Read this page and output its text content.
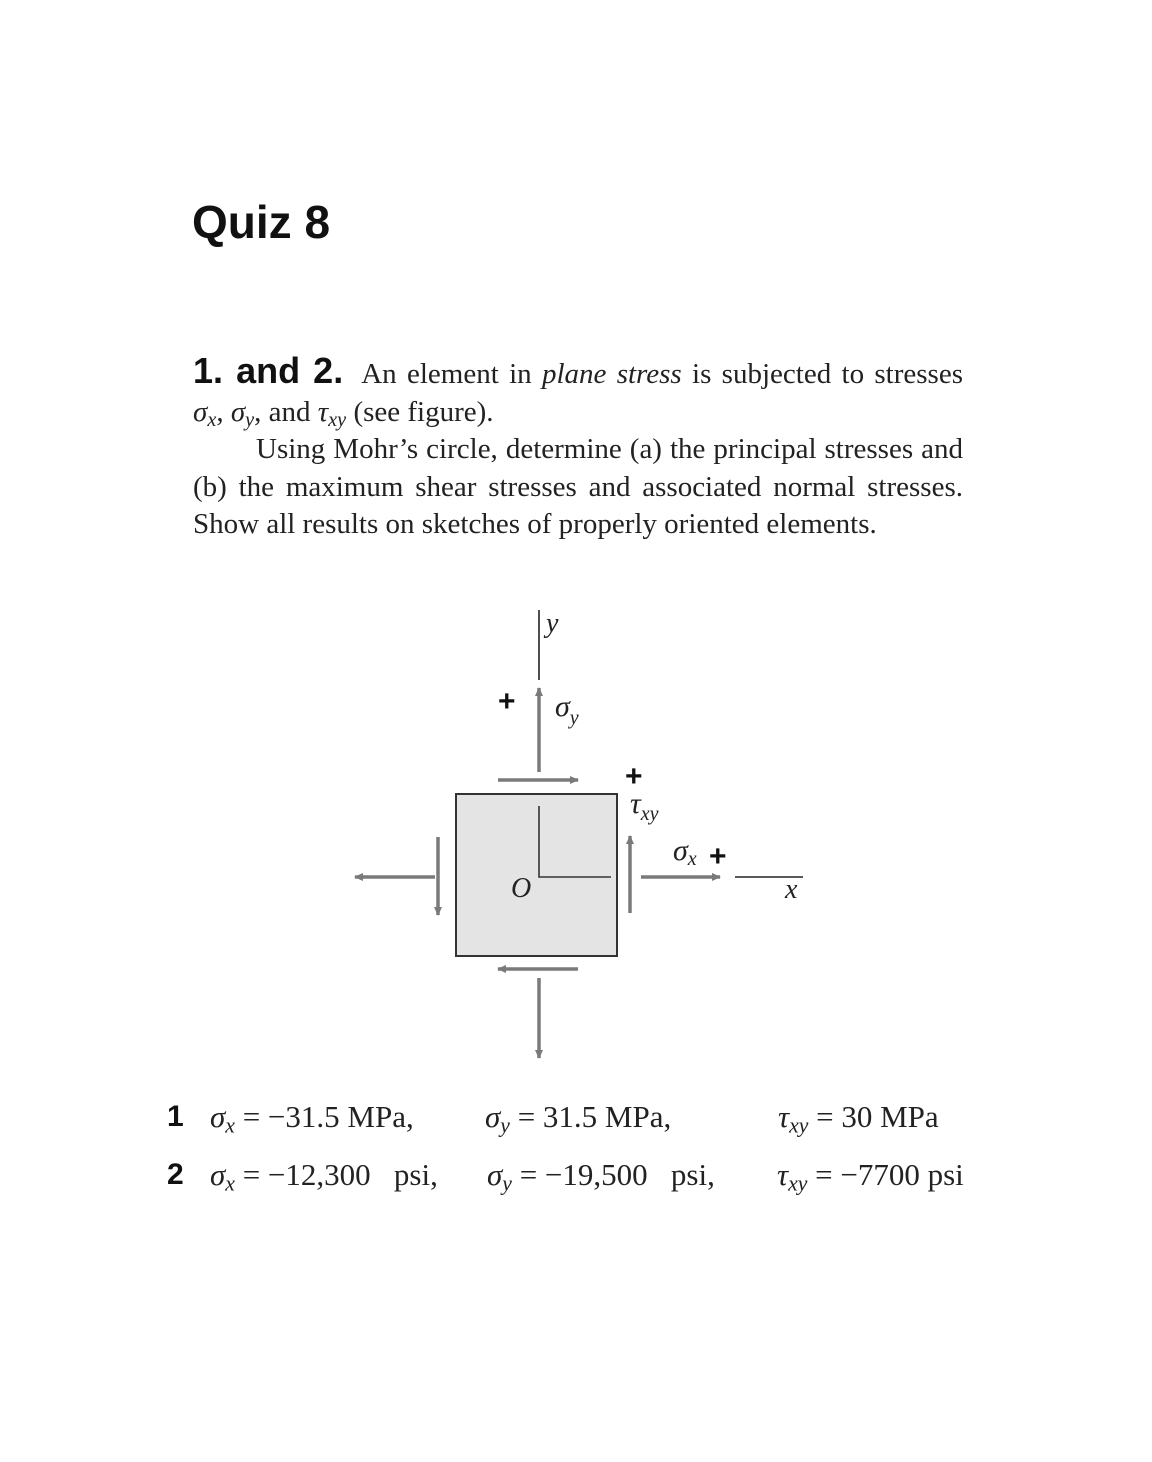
Quiz 8

1. and 2. An element in plane stress is subjected to stresses $\sigma_x$, $\sigma_y$, and $\tau_{xy}$ (see figure).

Using Mohr’s circle, determine (a) the principal stresses and (b) the maximum shear stresses and associated normal stresses. Show all results on sketches of properly oriented elements.

y
x
O
+ $\sigma_y$
+
$\tau_{xy}$
σx +
1 $\sigma_x = -31.5$ MPa, $\sigma_y = 31.5$ MPa,	$\tau_{xy} = 30$ MPa
2 $\sigma_x = -12,300$   psi, $\sigma_y = -19,500$   psi, $\tau_{xy} = -7700$ psi
